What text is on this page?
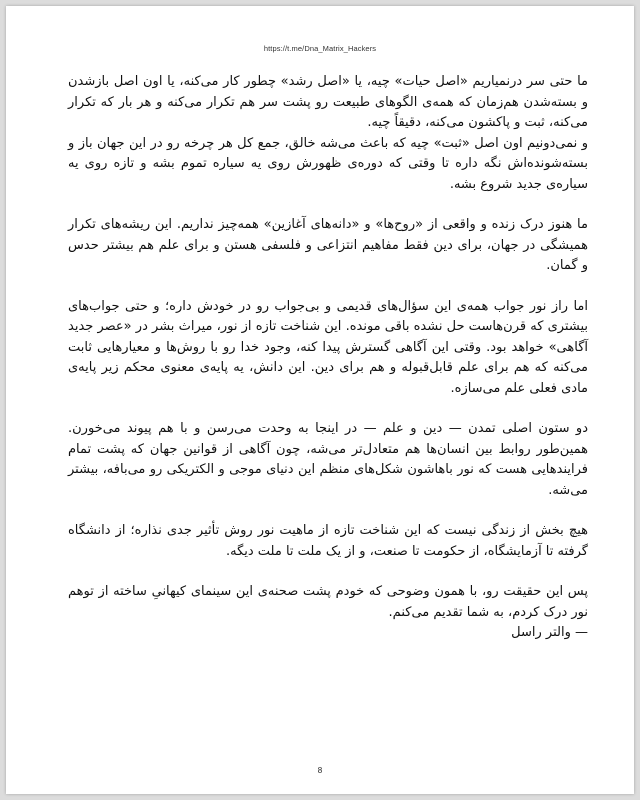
https://t.me/Dna_Matrix_Hackers

ما حتی سر درنمیاریم «اصل حیات» چیه، یا «اصل رشد» چطور کار می‌کنه، یا اون اصل بازشدن و بسته‌شدن هم‌زمان که همه‌ی الگوهای طبیعت رو پشت سر هم تکرار می‌کنه و هر بار که تکرار می‌کنه، ثبت و پاکشون می‌کنه، دقیقاً چیه.

و نمی‌دونیم اون اصل «ثبت» چیه که باعث می‌شه خالق، جمع کل هر چرخه رو در این جهان باز و بسته‌شونده‌اش نگه داره تا وقتی که دوره‌ی ظهورش روی یه سیاره تموم بشه و تازه روی یه سیاره‌ی جدید شروع بشه.

ما هنوز درک زنده و واقعی از «روح‌ها» و «دانه‌های آغازین» همه‌چیز نداریم. این ریشه‌های تکرار همیشگی در جهان، برای دین فقط مفاهیم انتزاعی و فلسفی هستن و برای علم هم بیشتر حدس و گمان.

اما راز نور جواب همه‌ی این سؤال‌های قدیمی و بی‌جواب رو در خودش داره؛ و حتی جواب‌های بیشتری که قرن‌هاست حل نشده باقی مونده. این شناخت تازه از نور، میراث بشر در «عصر جدید آگاهی» خواهد بود. وقتی این آگاهی گسترش پیدا کنه، وجود خدا رو با روش‌ها و معیارهایی ثابت می‌کنه که هم برای علم قابل‌قبوله و هم برای دین. این دانش، یه پایه‌ی معنوی محکم زیر پایه‌ی مادی فعلی علم می‌سازه.

دو ستون اصلی تمدن — دین و علم — در اینجا به وحدت می‌رسن و با هم پیوند می‌خورن. همین‌طور روابط بین انسان‌ها هم متعادل‌تر می‌شه، چون آگاهی از قوانین جهان که پشت تمام فرایندهایی هست که نور با‌هاشون شکل‌های منظم این دنیای موجی و الکتریکی رو می‌بافه، بیشتر می‌شه.

هیچ بخش از زندگی نیست که این شناخت تازه از ماهیت نور روش تأثیر جدی نذاره؛ از دانشگاه گرفته تا آزمایشگاه، از حکومت تا صنعت، و از یک ملت تا ملت دیگه.

پس این حقیقت رو، با همون وضوحی که خودم پشت صحنه‌ی این سینمای کیهانیِ ساخته از توهم نور درک کردم، به شما تقدیم می‌کنم.

— والتر راسل

8
